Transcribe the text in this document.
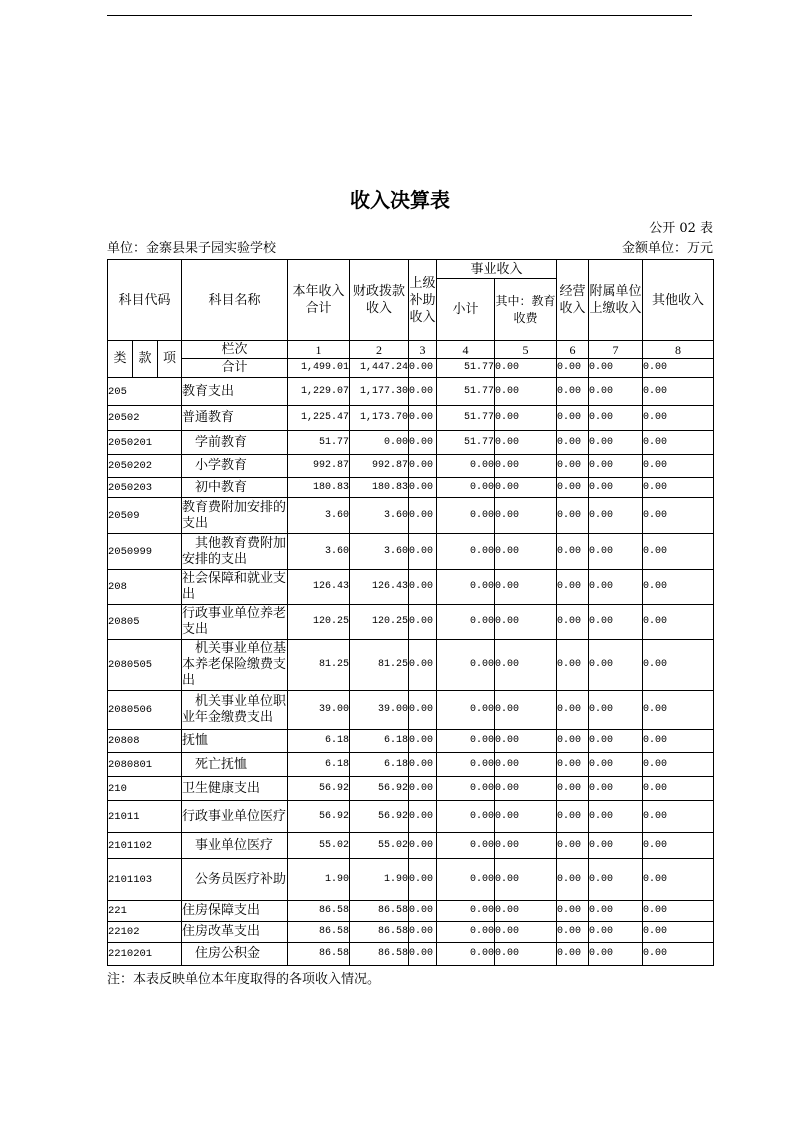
收入决算表
公开 02 表
单位：金寨县果子园实验学校	金额单位：万元
科目代码			科目名称	本年收入合计	财政拨款收入	上级补助收入	事业收入		经营收入	附属单位上缴收入	其他收入
							小计	其中：教育收费			

类	款	项	栏次	1	2	3	4	5	6	7	8
			合计	1,499.01	1,447.24	0.00	51.77	0.00	0.00	0.00	0.00
205			教育支出	1,229.07	1,177.30	0.00	51.77	0.00	0.00	0.00	0.00
20502			普通教育	1,225.47	1,173.70	0.00	51.77	0.00	0.00	0.00	0.00
2050201			学前教育	51.77	0.00	0.00	51.77	0.00	0.00	0.00	0.00
2050202			小学教育	992.87	992.87	0.00	0.00	0.00	0.00	0.00	0.00
2050203			初中教育	180.83	180.83	0.00	0.00	0.00	0.00	0.00	0.00
20509			教育费附加安排的支出	3.60	3.60	0.00	0.00	0.00	0.00	0.00	0.00
2050999			其他教育费附加安排的支出	3.60	3.60	0.00	0.00	0.00	0.00	0.00	0.00
208			社会保障和就业支出	126.43	126.43	0.00	0.00	0.00	0.00	0.00	0.00
20805			行政事业单位养老支出	120.25	120.25	0.00	0.00	0.00	0.00	0.00	0.00
2080505			机关事业单位基本养老保险缴费支出	81.25	81.25	0.00	0.00	0.00	0.00	0.00	0.00
2080506			机关事业单位职业年金缴费支出	39.00	39.00	0.00	0.00	0.00	0.00	0.00	0.00
20808			抚恤	6.18	6.18	0.00	0.00	0.00	0.00	0.00	0.00
2080801			死亡抚恤	6.18	6.18	0.00	0.00	0.00	0.00	0.00	0.00
210			卫生健康支出	56.92	56.92	0.00	0.00	0.00	0.00	0.00	0.00
21011			行政事业单位医疗	56.92	56.92	0.00	0.00	0.00	0.00	0.00	0.00
2101102			事业单位医疗	55.02	55.02	0.00	0.00	0.00	0.00	0.00	0.00
2101103			公务员医疗补助	1.90	1.90	0.00	0.00	0.00	0.00	0.00	0.00
221			住房保障支出	86.58	86.58	0.00	0.00	0.00	0.00	0.00	0.00
22102			住房改革支出	86.58	86.58	0.00	0.00	0.00	0.00	0.00	0.00
2210201			住房公积金	86.58	86.58	0.00	0.00	0.00	0.00	0.00	0.00
注：本表反映单位本年度取得的各项收入情况。
